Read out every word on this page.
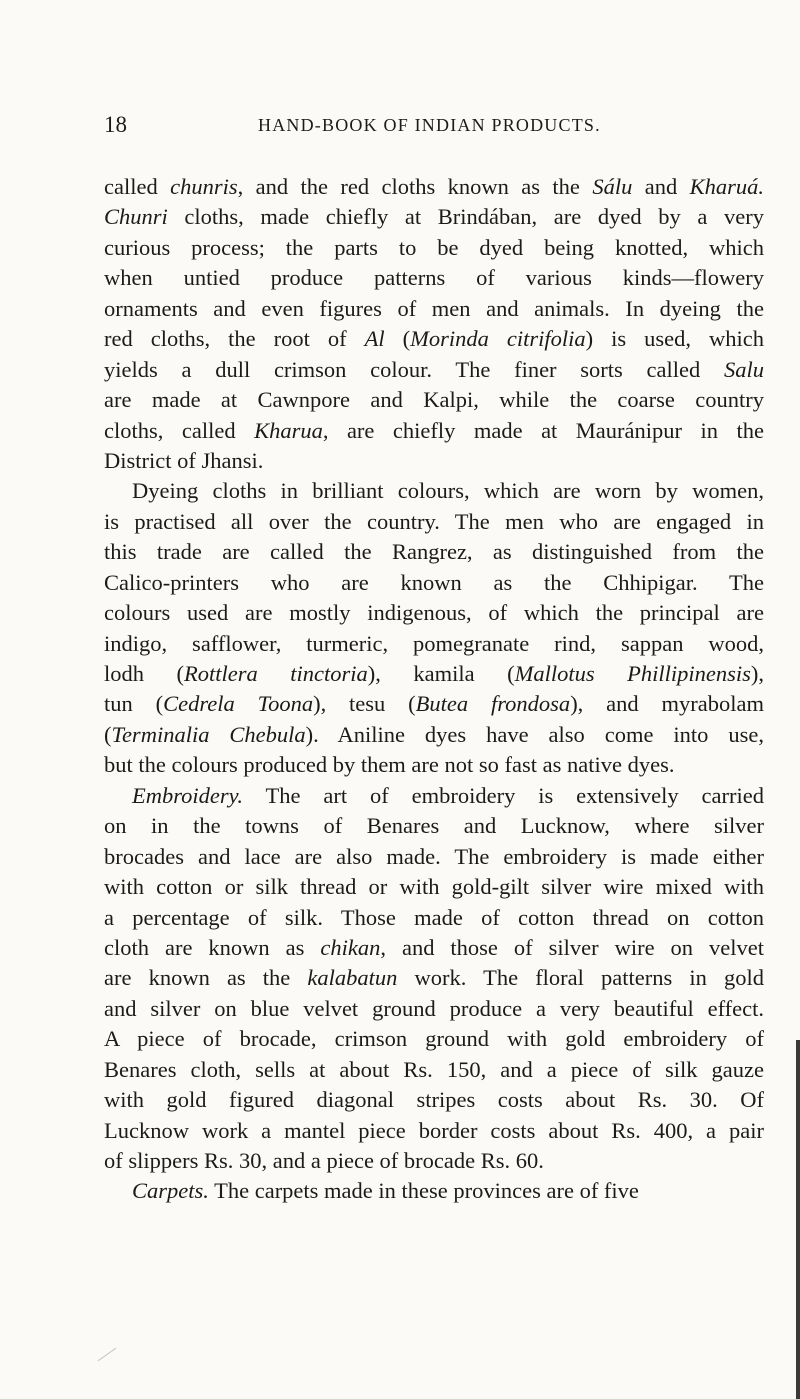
18	HAND-BOOK OF INDIAN PRODUCTS.
called chunris, and the red cloths known as the Sálu and Kharuá.
Chunri cloths, made chiefly at Brindában, are dyed by a very
curious process; the parts to be dyed being knotted, which
when untied produce patterns of various kinds—flowery
ornaments and even figures of men and animals. In dyeing the
red cloths, the root of Al (Morinda citrifolia) is used, which
yields a dull crimson colour. The finer sorts called Salu
are made at Cawnpore and Kalpi, while the coarse country
cloths, called Kharua, are chiefly made at Mauránipur in the
District of Jhansi.
Dyeing cloths in brilliant colours, which are worn by women,
is practised all over the country. The men who are engaged in
this trade are called the Rangrez, as distinguished from the
Calico-printers who are known as the Chhipigar. The
colours used are mostly indigenous, of which the principal are
indigo, safflower, turmeric, pomegranate rind, sappan wood,
lodh (Rottlera tinctoria), kamila (Mallotus Phillipinensis),
tun (Cedrela Toona), tesu (Butea frondosa), and myrabolam
(Terminalia Chebula). Aniline dyes have also come into use,
but the colours produced by them are not so fast as native dyes.
Embroidery. The art of embroidery is extensively carried
on in the towns of Benares and Lucknow, where silver
brocades and lace are also made. The embroidery is made either
with cotton or silk thread or with gold-gilt silver wire mixed with
a percentage of silk. Those made of cotton thread on cotton
cloth are known as chikan, and those of silver wire on velvet
are known as the kalabatun work. The floral patterns in gold
and silver on blue velvet ground produce a very beautiful effect.
A piece of brocade, crimson ground with gold embroidery of
Benares cloth, sells at about Rs. 150, and a piece of silk gauze
with gold figured diagonal stripes costs about Rs. 30. Of
Lucknow work a mantel piece border costs about Rs. 400, a pair
of slippers Rs. 30, and a piece of brocade Rs. 60.
Carpets. The carpets made in these provinces are of five
